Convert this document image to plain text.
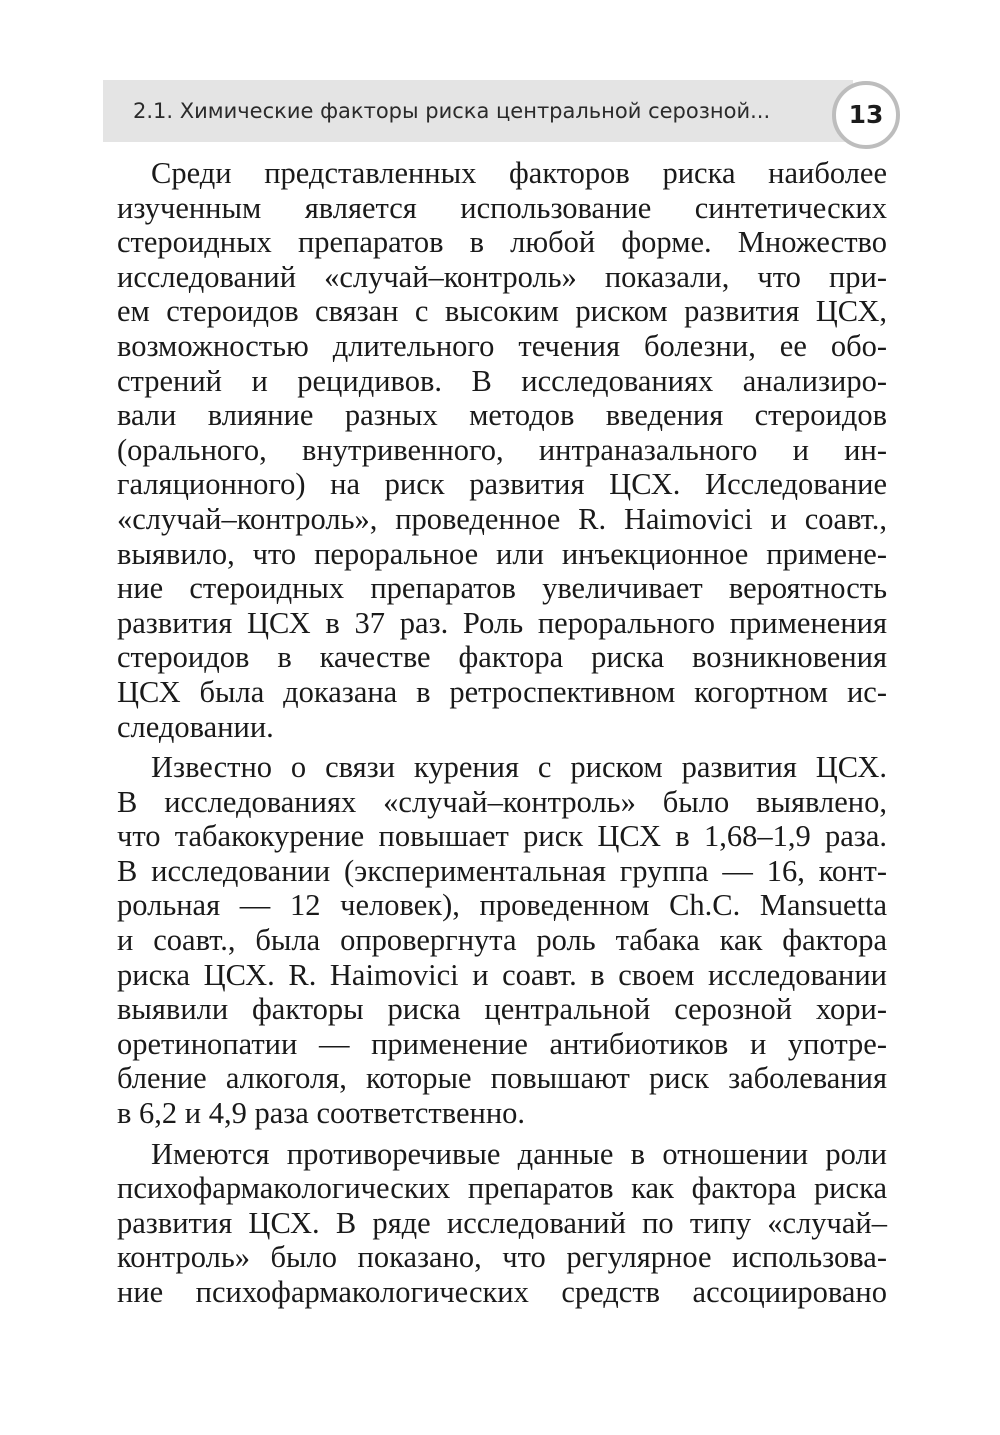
2.1. Химические факторы риска центральной серозной...	13
Среди представленных факторов риска наиболее
изученным является использование синтетических
стероидных препаратов в любой форме. Множество
исследований «случай–контроль» показали, что при-
ем стероидов связан с высоким риском развития ЦСХ,
возможностью длительного течения болезни, ее обо-
стрений и рецидивов. В исследованиях анализиро-
вали влияние разных методов введения стероидов
(орального, внутривенного, интраназального и ин-
галяционного) на риск развития ЦСХ. Исследование
«случай–контроль», проведенное R. Haimovici и соавт.,
выявило, что пероральное или инъекционное примене-
ние стероидных препаратов увеличивает вероятность
развития ЦСХ в 37 раз. Роль перорального применения
стероидов в качестве фактора риска возникновения
ЦСХ была доказана в ретроспективном когортном ис-
следовании.
Известно о связи курения с риском развития ЦСХ.
В исследованиях «случай–контроль» было выявлено,
что табакокурение повышает риск ЦСХ в 1,68–1,9 раза.
В исследовании (экспериментальная группа — 16, конт-
рольная — 12 человек), проведенном Ch.C. Mansuetta
и соавт., была опровергнута роль табака как фактора
риска ЦСХ. R. Haimovici и соавт. в своем исследовании
выявили факторы риска центральной серозной хори-
оретинопатии — применение антибиотиков и употре-
бление алкоголя, которые повышают риск заболевания
в 6,2 и 4,9 раза соответственно.
Имеются противоречивые данные в отношении роли
психофармакологических препаратов как фактора риска
развития ЦСХ. В ряде исследований по типу «случай–
контроль» было показано, что регулярное использова-
ние психофармакологических средств ассоциировано
